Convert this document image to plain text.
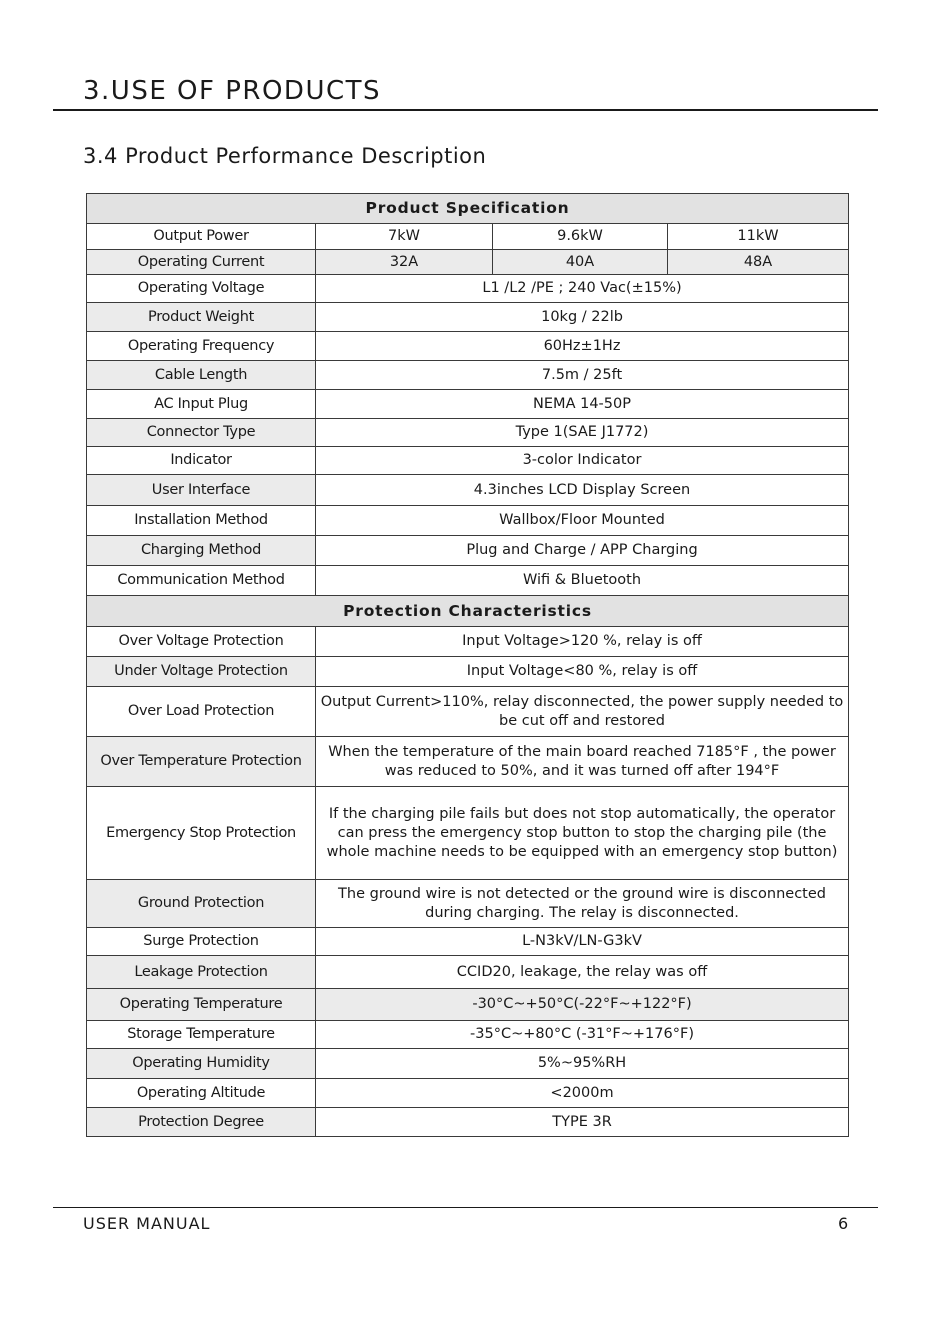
3.USE OF PRODUCTS
3.4 Product Performance Description
Product Specification			
Output Power	7kW	9.6kW	11kW
Operating Current	32A	40A	48A
Operating Voltage	L1 /L2 /PE ; 240 Vac(±15%)		
Product Weight	10kg / 22lb		
Operating Frequency	60Hz±1Hz		
Cable Length	7.5m / 25ft		
AC Input Plug	NEMA 14-50P		
Connector Type	Type 1(SAE J1772)		
Indicator	3-color Indicator		
User Interface	4.3inches LCD Display Screen		
Installation Method	Wallbox/Floor Mounted		
Charging Method	Plug and Charge / APP Charging		
Communication Method	Wifi & Bluetooth		
Protection Characteristics			
Over Voltage Protection	Input Voltage>120 %, relay is off		
Under Voltage Protection	Input Voltage<80 %, relay is off		
Over Load Protection	Output Current>110%, relay disconnected, the power supply needed to be cut off and restored		
Over Temperature Protection	When the temperature of the main board reached 7185°F , the power was reduced to 50%, and it was turned off after 194°F		
Emergency Stop Protection	If the charging pile fails but does not stop automatically, the operator can press the emergency stop button to stop the charging pile (the whole machine needs to be equipped with an emergency stop button)		
Ground Protection	The ground wire is not detected or the ground wire is disconnected during charging. The relay is disconnected.		
Surge Protection	L-N3kV/LN-G3kV		
Leakage Protection	CCID20, leakage, the relay was off		
Operating Temperature	-30°C~+50°C(-22°F~+122°F)		
Storage Temperature	-35°C~+80°C (-31°F~+176°F)		
Operating Humidity	5%~95%RH		
Operating Altitude	<2000m		
Protection Degree	TYPE 3R		
USER MANUAL	6
